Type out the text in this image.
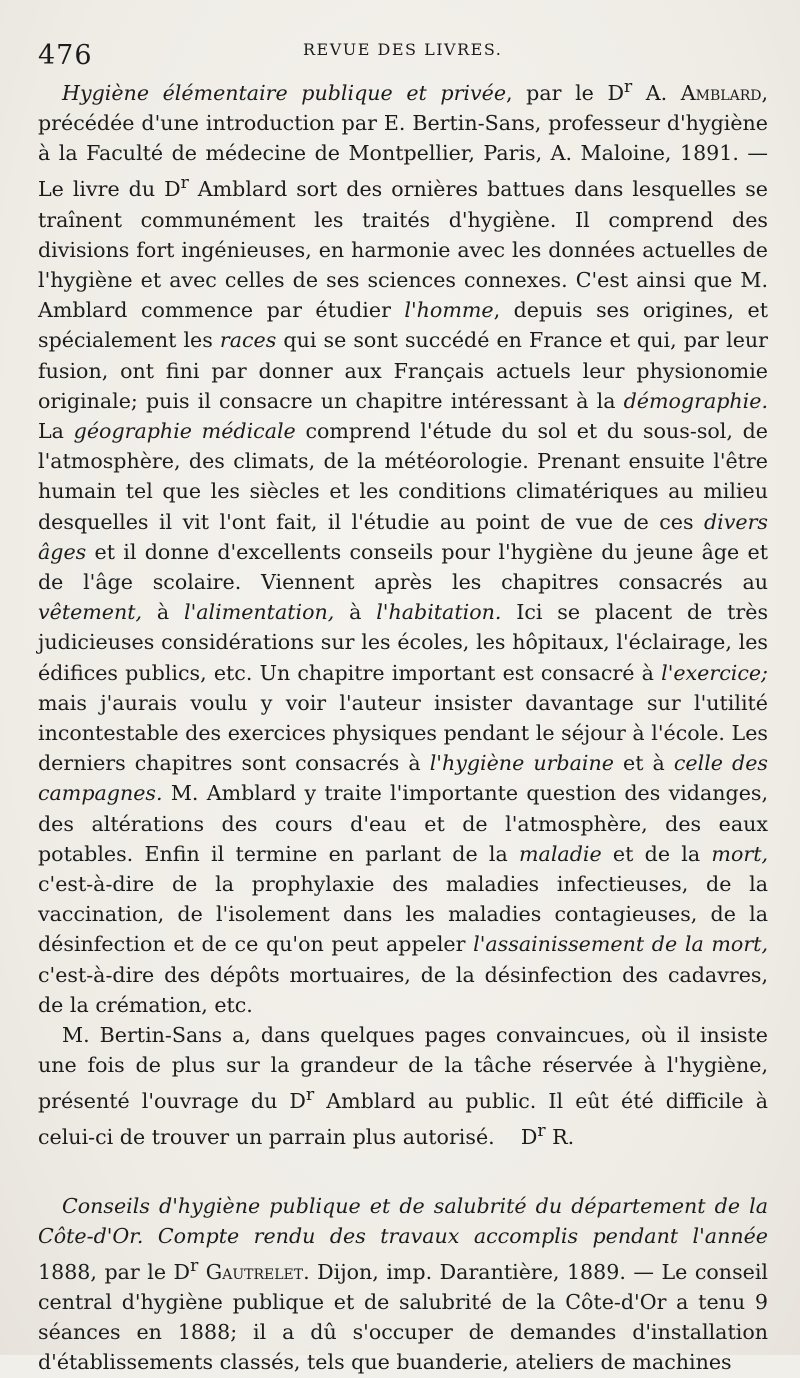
476	REVUE DES LIVRES.

Hygiène élémentaire publique et privée, par le $D^r$ A. Amblard, précédée d'une introduction par E. Bertin-Sans, professeur d'hygiène à la Faculté de médecine de Montpellier, Paris, A. Maloine, 1891. — Le livre du $D^r$ Amblard sort des ornières battues dans lesquelles se traînent communément les traités d'hygiène. Il comprend des divisions fort ingénieuses, en harmonie avec les données actuelles de l'hygiène et avec celles de ses sciences connexes. C'est ainsi que M. Amblard commence par étudier l'homme, depuis ses origines, et spécialement les races qui se sont succédé en France et qui, par leur fusion, ont fini par donner aux Français actuels leur physionomie originale; puis il consacre un chapitre intéressant à la démographie. La géographie médicale comprend l'étude du sol et du sous-sol, de l'atmosphère, des climats, de la météorologie. Prenant ensuite l'être humain tel que les siècles et les conditions climatériques au milieu desquelles il vit l'ont fait, il l'étudie au point de vue de ces divers âges et il donne d'excellents conseils pour l'hygiène du jeune âge et de l'âge scolaire. Viennent après les chapitres consacrés au vêtement, à l'alimentation, à l'habitation. Ici se placent de très judicieuses considérations sur les écoles, les hôpitaux, l'éclairage, les édifices publics, etc. Un chapitre important est consacré à l'exercice; mais j'aurais voulu y voir l'auteur insister davantage sur l'utilité incontestable des exercices physiques pendant le séjour à l'école. Les derniers chapitres sont consacrés à l'hygiène urbaine et à celle des campagnes. M. Amblard y traite l'importante question des vidanges, des altérations des cours d'eau et de l'atmosphère, des eaux potables. Enfin il termine en parlant de la maladie et de la mort, c'est-à-dire de la prophylaxie des maladies infectieuses, de la vaccination, de l'isolement dans les maladies contagieuses, de la désinfection et de ce qu'on peut appeler l'assainissement de la mort, c'est-à-dire des dépôts mortuaires, de la désinfection des cadavres, de la crémation, etc.

M. Bertin-Sans a, dans quelques pages convaincues, où il insiste une fois de plus sur la grandeur de la tâche réservée à l'hygiène, présenté l'ouvrage du $D^r$ Amblard au public. Il eût été difficile à celui-ci de trouver un parrain plus autorisé. $D^r$ R.

Conseils d'hygiène publique et de salubrité du département de la Côte-d'Or. Compte rendu des travaux accomplis pendant l'année 1888, par le $D^r$ Gautrelet. Dijon, imp. Darantière, 1889. — Le conseil central d'hygiène publique et de salubrité de la Côte-d'Or a tenu 9 séances en 1888; il a dû s'occuper de demandes d'installation d'établissements classés, tels que buanderie, ateliers de machines
